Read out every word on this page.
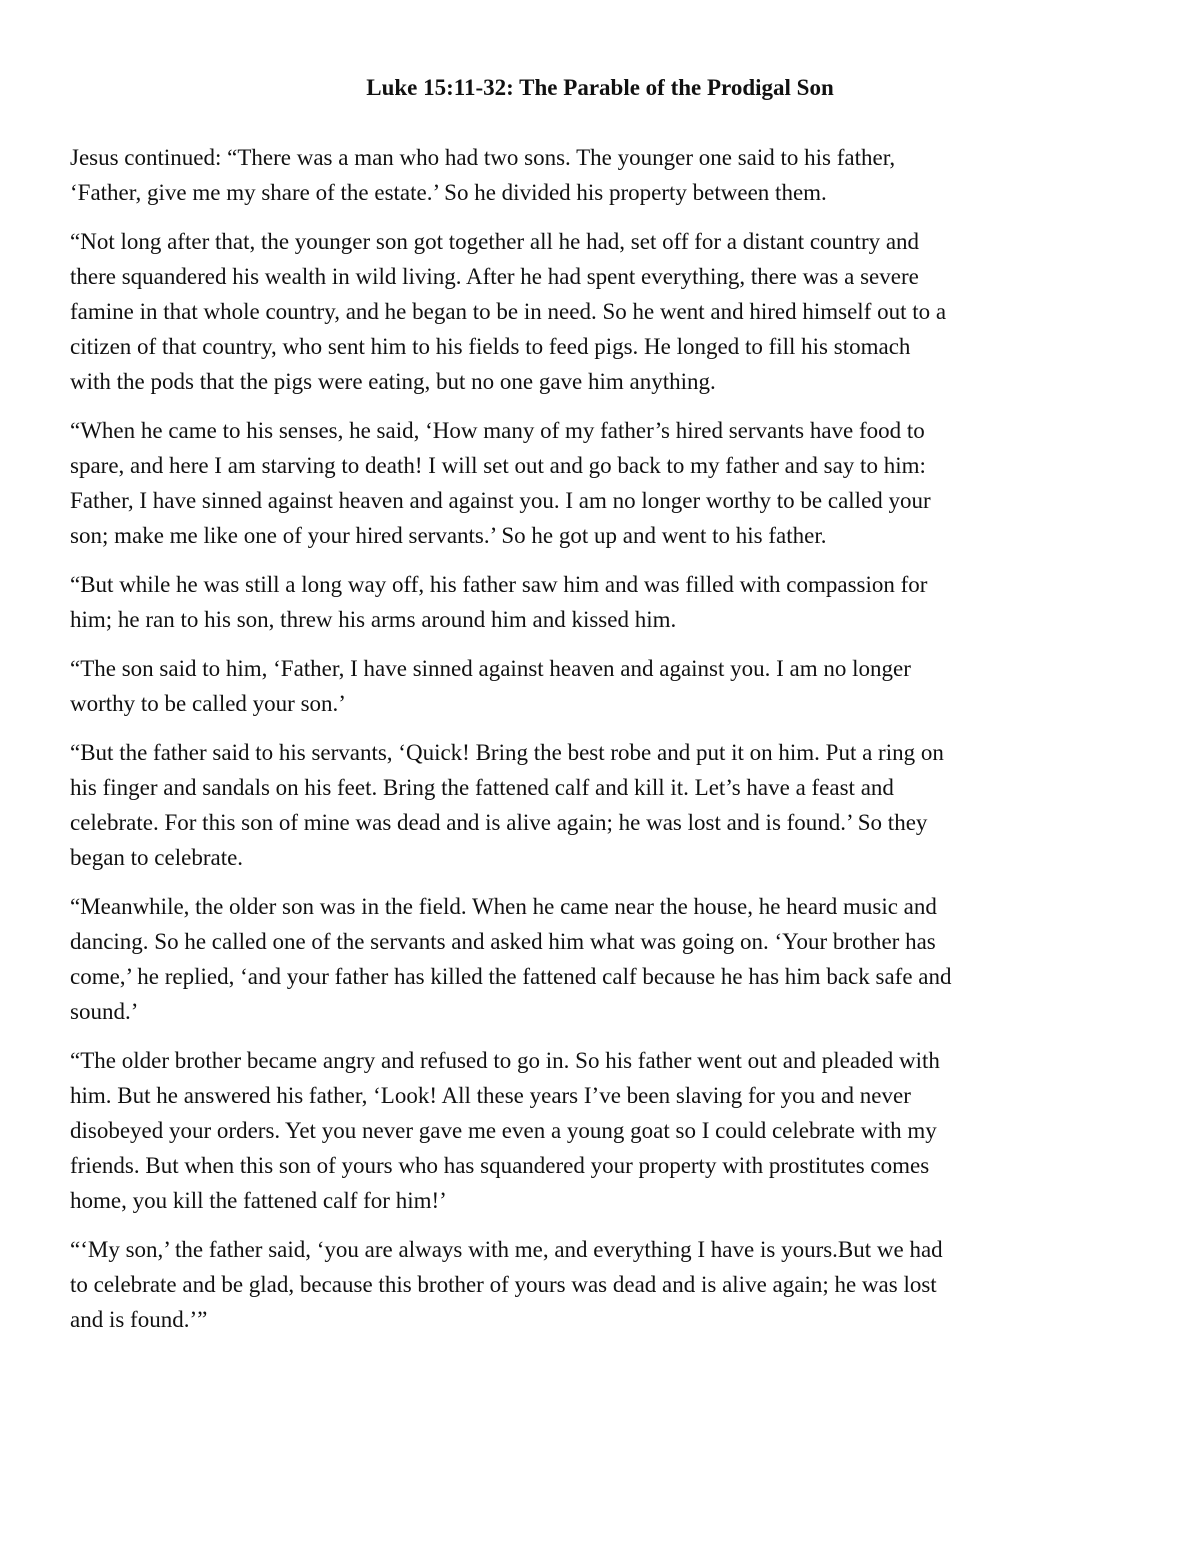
Luke 15:11-32: The Parable of the Prodigal Son
Jesus continued: “There was a man who had two sons. The younger one said to his father,
‘Father, give me my share of the estate.’ So he divided his property between them.
“Not long after that, the younger son got together all he had, set off for a distant country and
there squandered his wealth in wild living. After he had spent everything, there was a severe
famine in that whole country, and he began to be in need. So he went and hired himself out to a
citizen of that country, who sent him to his fields to feed pigs. He longed to fill his stomach
with the pods that the pigs were eating, but no one gave him anything.
“When he came to his senses, he said, ‘How many of my father’s hired servants have food to
spare, and here I am starving to death! I will set out and go back to my father and say to him:
Father, I have sinned against heaven and against you. I am no longer worthy to be called your
son; make me like one of your hired servants.’ So he got up and went to his father.
“But while he was still a long way off, his father saw him and was filled with compassion for
him; he ran to his son, threw his arms around him and kissed him.
“The son said to him, ‘Father, I have sinned against heaven and against you. I am no longer
worthy to be called your son.’
“But the father said to his servants, ‘Quick! Bring the best robe and put it on him. Put a ring on
his finger and sandals on his feet. Bring the fattened calf and kill it. Let’s have a feast and
celebrate. For this son of mine was dead and is alive again; he was lost and is found.’ So they
began to celebrate.
“Meanwhile, the older son was in the field. When he came near the house, he heard music and
dancing. So he called one of the servants and asked him what was going on. ‘Your brother has
come,’ he replied, ‘and your father has killed the fattened calf because he has him back safe and
sound.’
“The older brother became angry and refused to go in. So his father went out and pleaded with
him. But he answered his father, ‘Look! All these years I’ve been slaving for you and never
disobeyed your orders. Yet you never gave me even a young goat so I could celebrate with my
friends. But when this son of yours who has squandered your property with prostitutes comes
home, you kill the fattened calf for him!’
“‘My son,’ the father said, ‘you are always with me, and everything I have is yours.But we had
to celebrate and be glad, because this brother of yours was dead and is alive again; he was lost
and is found.’”
